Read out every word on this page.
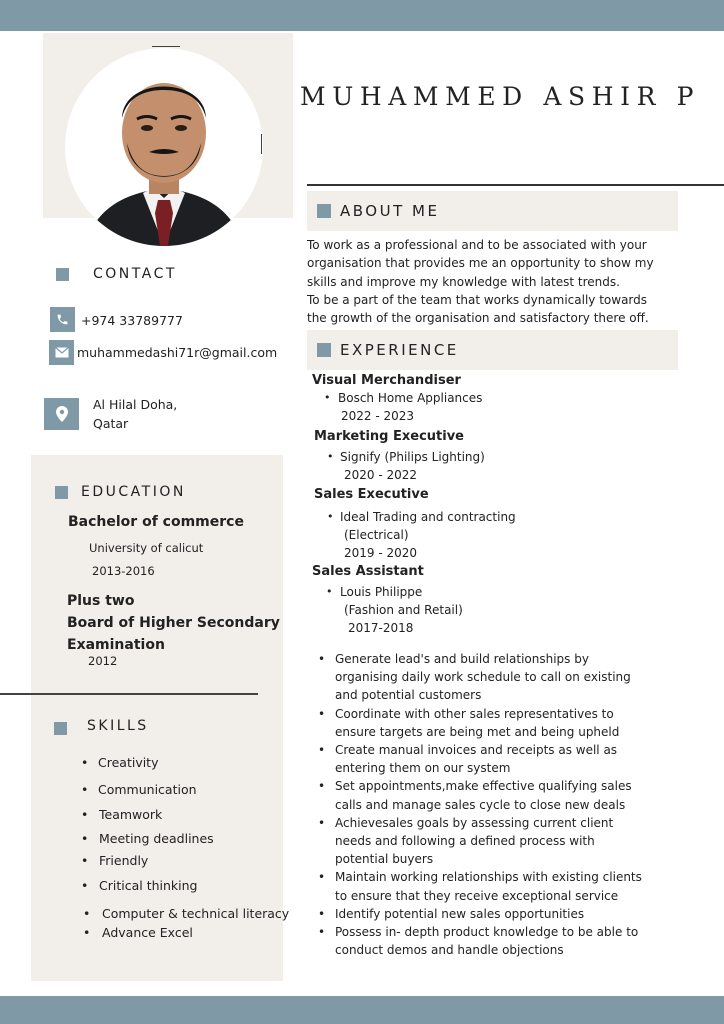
MUHAMMED ASHIR P
ABOUT ME
To work as a professional and to be associated with your
organisation that provides me an opportunity to show my
skills and improve my knowledge with latest trends.
To be a part of the team that works dynamically towards
the growth of the organisation and satisfactory there off.
CONTACT
+974 33789777
muhammedashi71r@gmail.com
Al Hilal Doha,
Qatar
EDUCATION
Bachelor of commerce
University of calicut
2013-2016
Plus two
Board of Higher Secondary
Examination
2012
SKILLS
• Creativity
• Communication
• Teamwork
• Meeting deadlines
• Friendly
• Critical thinking
• Computer & technical literacy
• Advance Excel
EXPERIENCE
Visual Merchandiser
• Bosch Home Appliances
2022 - 2023
Marketing Executive
• Signify (Philips Lighting)
2020 - 2022
Sales Executive
• Ideal Trading and contracting
(Electrical)
2019 - 2020
Sales Assistant
• Louis Philippe
(Fashion and Retail)
2017-2018
• Generate lead's and build relationships by organising daily work schedule to call on existing and potential customers
• Coordinate with other sales representatives to ensure targets are being met and being upheld
• Create manual invoices and receipts as well as entering them on our system
• Set appointments,make effective qualifying sales calls and manage sales cycle to close new deals
• Achievesales goals by assessing current client needs and following a defined process with potential buyers
• Maintain working relationships with existing clients to ensure that they receive exceptional service
• Identify potential new sales opportunities
• Possess in- depth product knowledge to be able to conduct demos and handle objections
